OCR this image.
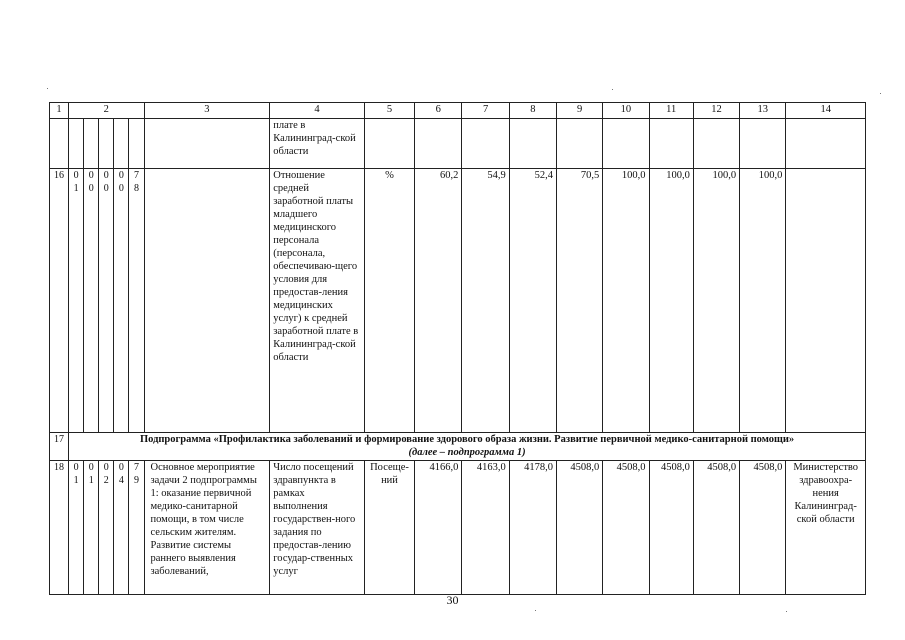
1	2					3	4	5	6	7	8	9	10	11	12	13	14
							плате в Калининград-ской области										
16	01	00	00	00	78		Отношение средней заработной платы младшего медицинского персонала (персонала, обеспечиваю-щего условия для предостав-ления медицинских услуг) к средней заработной плате в Калининград-ской области	%	60,2	54,9	52,4	70,5	100,0	100,0	100,0	100,0	
17	Подпрограмма «Профилактика заболеваний и формирование здорового образа жизни. Развитие первичной медико-санитарной помощи»
(далее – подпрограмма 1)																
18	01	01	02	04	79	Основное мероприятие задачи 2 подпрограммы 1: оказание первичной медико-санитарной помощи, в том числе сельским жителям. Развитие системы раннего выявления заболеваний,	Число посещений здравпункта в рамках выполнения государствен-ного задания по предостав-лению государ-ственных услуг	Посеще-ний	4166,0	4163,0	4178,0	4508,0	4508,0	4508,0	4508,0	4508,0	Министерство здравоохра-нения Калининград-ской области
30
